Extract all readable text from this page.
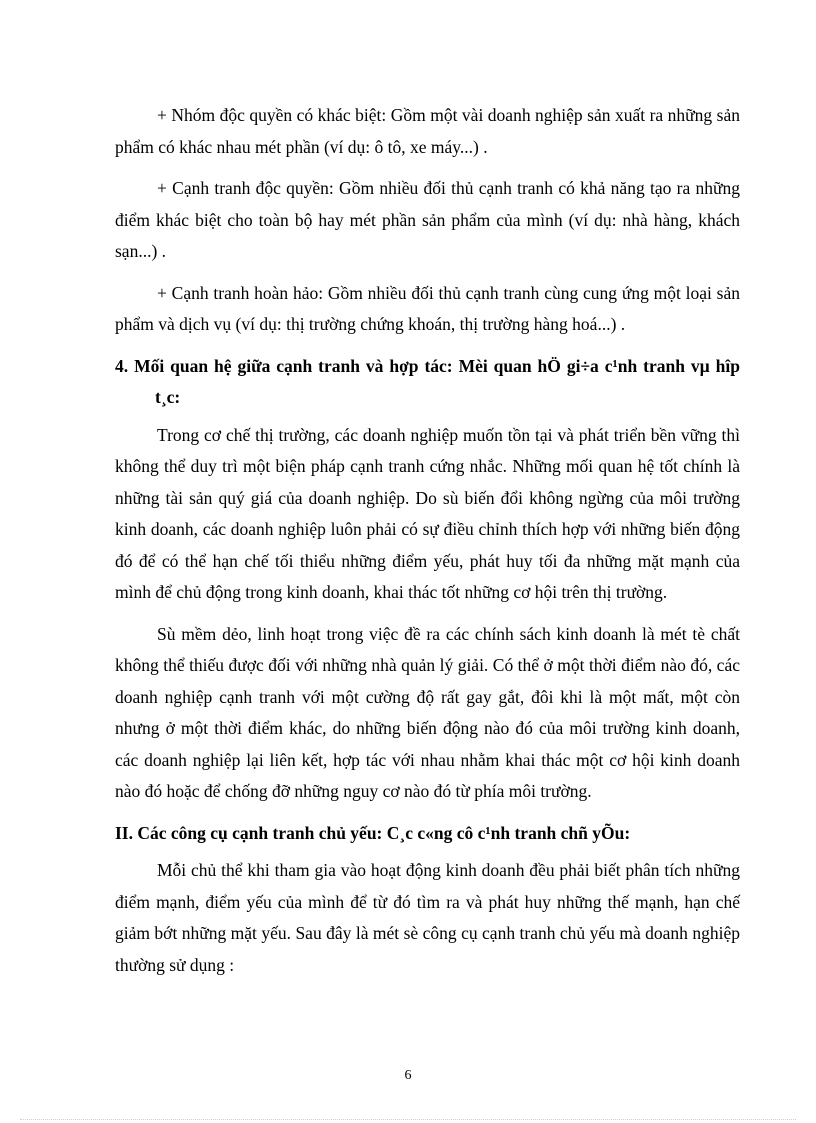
+ Nhóm độc quyền có khác biệt: Gồm một vài doanh nghiệp sản xuất ra những sản phẩm có khác nhau mét phần (ví dụ: ô tô, xe máy...) .

+ Cạnh tranh độc quyền: Gồm nhiều đối thủ cạnh tranh có khả năng tạo ra những điểm khác biệt cho toàn bộ hay mét phần sản phẩm của mình (ví dụ: nhà hàng, khách sạn...) .

+ Cạnh tranh hoàn hảo: Gồm nhiều đối thủ cạnh tranh cùng cung ứng một loại sản phẩm và dịch vụ (ví dụ: thị trường chứng khoán, thị trường hàng hoá...) .

4. Mối quan hệ giữa cạnh tranh và hợp tác: Mèi quan hÖ gi÷a c¹nh tranh vµ hîp t¸c:

Trong cơ chế thị trường, các doanh nghiệp muốn tồn tại và phát triển bền vững thì không thể duy trì một biện pháp cạnh tranh cứng nhắc. Những mối quan hệ tốt chính là những tài sản quý giá của doanh nghiệp. Do sù biến đổi không ngừng của môi trường kinh doanh, các doanh nghiệp luôn phải có sự điều chỉnh thích hợp với những biến động đó để có thể hạn chế tối thiểu những điểm yếu, phát huy tối đa những mặt mạnh của mình để chủ động trong kinh doanh, khai thác tốt những cơ hội trên thị trường.

Sù mềm dẻo, linh hoạt trong việc đề ra các chính sách kinh doanh là mét tè chất không thể thiếu được đối với những nhà quản lý giải. Có thể ở một thời điểm nào đó, các doanh nghiệp cạnh tranh với một cường độ rất gay gắt, đôi khi là một mất, một còn nhưng ở một thời điểm khác, do những biến động nào đó của môi trường kinh doanh, các doanh nghiệp lại liên kết, hợp tác với nhau nhằm khai thác một cơ hội kinh doanh nào đó hoặc để chống đỡ những nguy cơ nào đó từ phía môi trường.

II. Các công cụ cạnh tranh chủ yếu: C¸c c«ng cô c¹nh tranh chñ yÕu:

Mỗi chủ thể khi tham gia vào hoạt động kinh doanh đều phải biết phân tích những điểm mạnh, điểm yếu của mình để từ đó tìm ra và phát huy những thế mạnh, hạn chế giảm bớt những mặt yếu. Sau đây là mét sè công cụ cạnh tranh chủ yếu mà doanh nghiệp thường sử dụng :

6
